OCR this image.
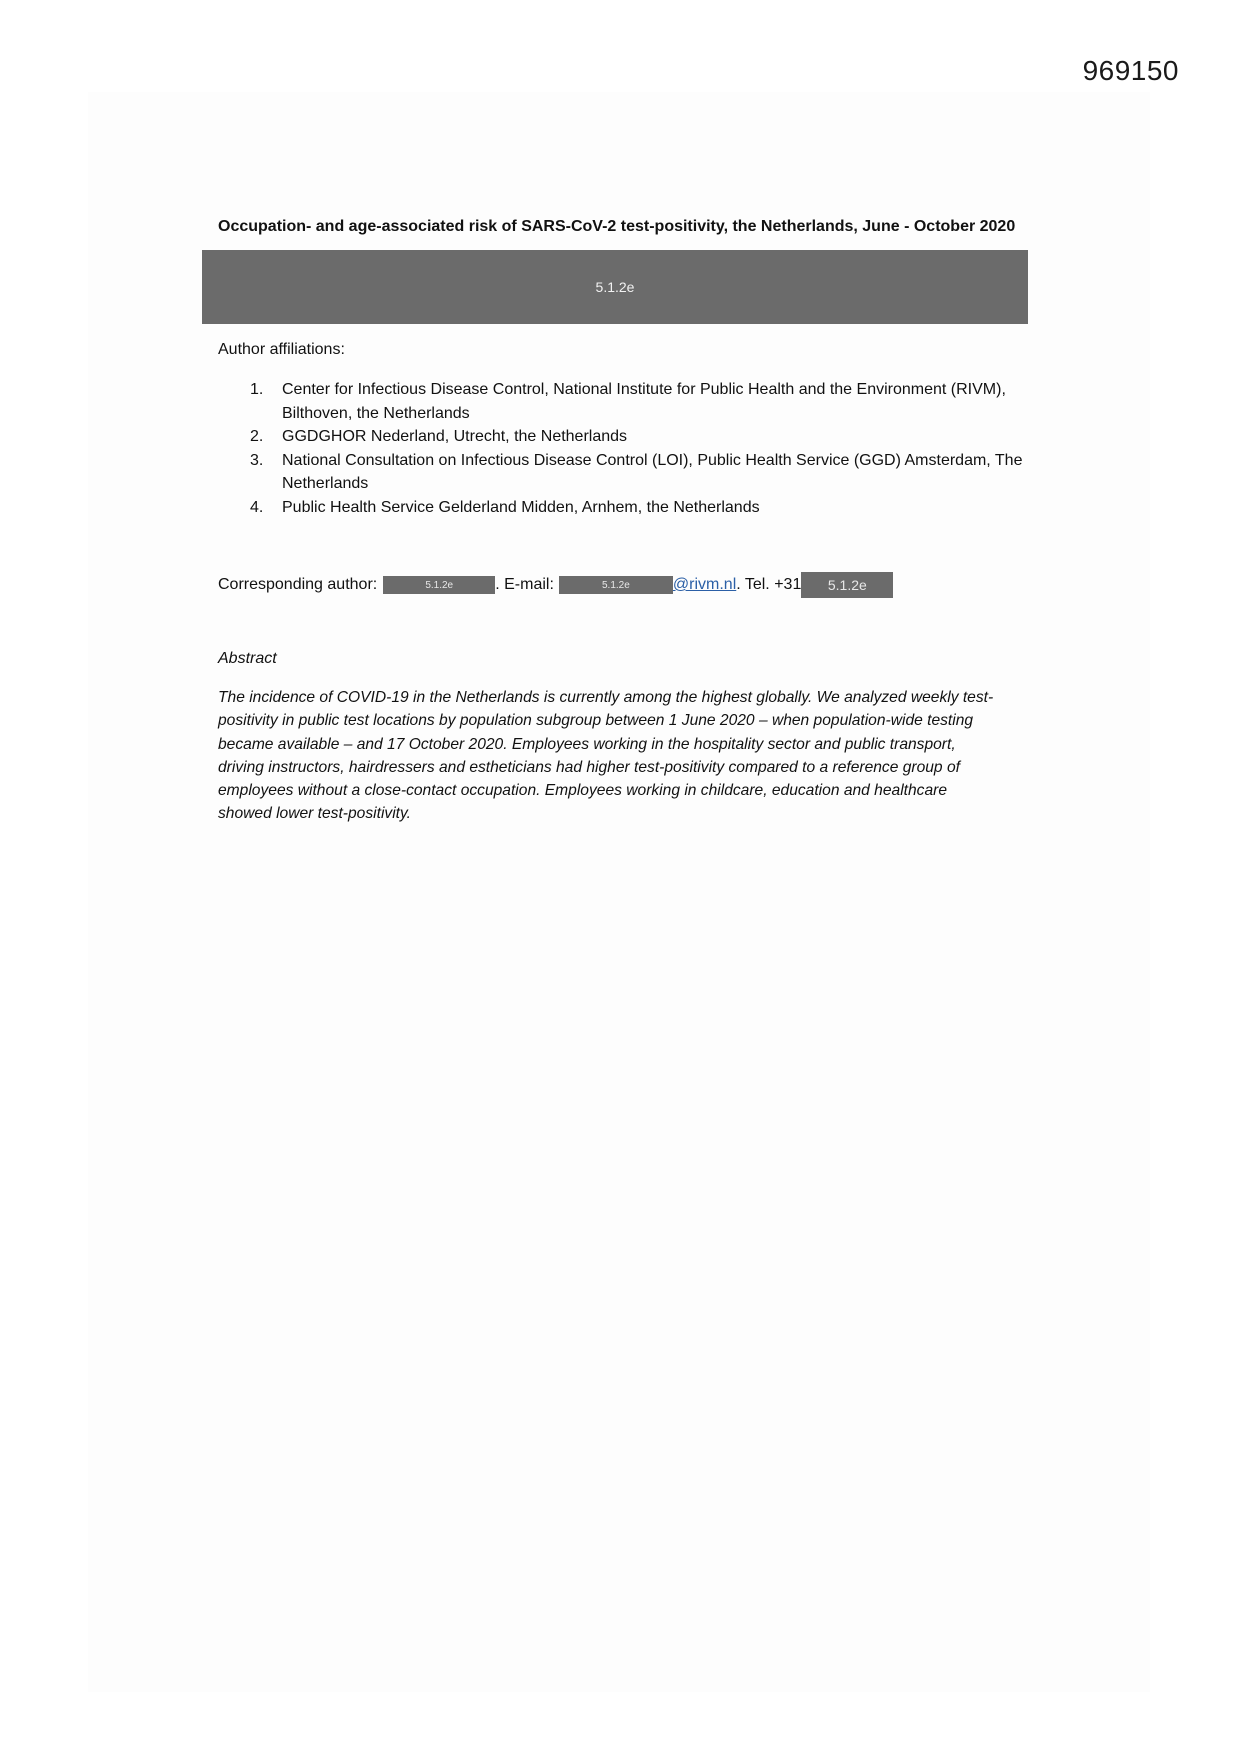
969150
Occupation- and age-associated risk of SARS-CoV-2 test-positivity, the Netherlands, June - October 2020
5.1.2e
Author affiliations:
1. Center for Infectious Disease Control, National Institute for Public Health and the Environment (RIVM), Bilthoven, the Netherlands
2. GGDGHOR Nederland, Utrecht, the Netherlands
3. National Consultation on Infectious Disease Control (LOI), Public Health Service (GGD) Amsterdam, The Netherlands
4. Public Health Service Gelderland Midden, Arnhem, the Netherlands
Corresponding author:	5.1.2e	. E-mail:	5.1.2e	@rivm.nl . Tel. +31	5.1.2e
Abstract

The incidence of COVID-19 in the Netherlands is currently among the highest globally. We analyzed weekly test-
positivity in public test locations by population subgroup between 1 June 2020 – when population-wide testing
became available – and 17 October 2020. Employees working in the hospitality sector and public transport,
driving instructors, hairdressers and estheticians had higher test-positivity compared to a reference group of
employees without a close-contact occupation. Employees working in childcare, education and healthcare
showed lower test-positivity.
